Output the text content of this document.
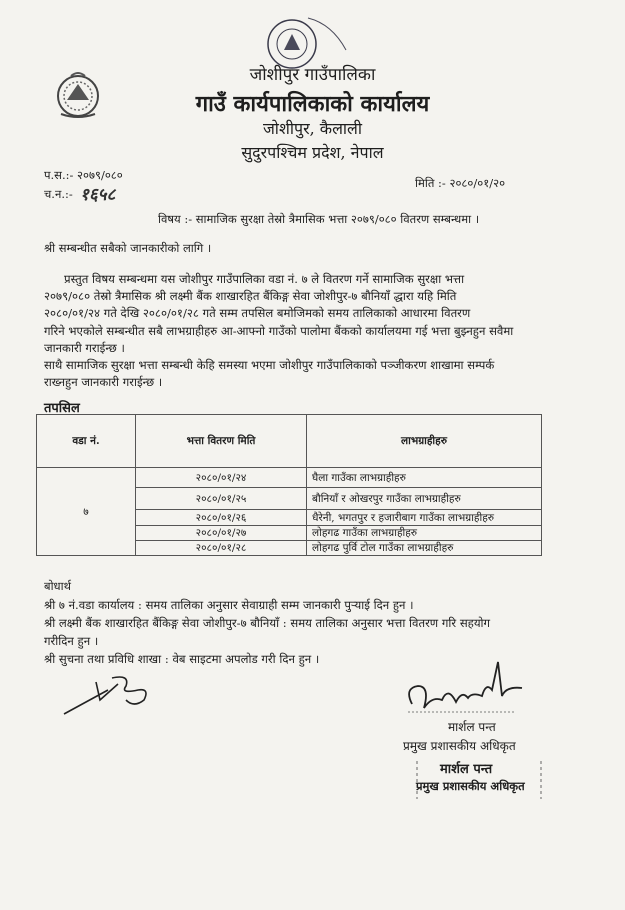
जोशीपुर गाउँपालिका
गाउँ कार्यपालिकाको कार्यालय
जोशीपुर, कैलाली
सुदुरपश्चिम प्रदेश, नेपाल
प.स.:- २०७९/०८०
च.न.:- १६५८
मिति :- २०८०/०१/२०
विषय :- सामाजिक सुरक्षा तेस्रो त्रैमासिक भत्ता २०७९/०८० वितरण सम्बन्धमा ।
श्री सम्बन्धीत सबैको जानकारीको लागि ।
प्रस्तुत विषय सम्बन्धमा यस जोशीपुर गाउँपालिका वडा नं. ७ ले वितरण गर्ने सामाजिक सुरक्षा भत्ता
२०७९/०८० तेस्रो त्रैमासिक श्री लक्ष्मी बैंक शाखारहित बैंकिङ्ग सेवा जोशीपुर-७ बौनियाँ द्धारा यहि मिति
२०८०/०१/२४ गते देखि २०८०/०१/२८ गते सम्म तपसिल बमोजिमको समय तालिकाको आधारमा वितरण
गरिने भएकोले सम्बन्धीत सबै लाभग्राहीहरु आ-आफ्नो गाउँको पालोमा बैंकको कार्यालयमा गई भत्ता बुझ्नहुन सवैमा
जानकारी गराईन्छ ।
साथै सामाजिक सुरक्षा भत्ता सम्बन्धी केहि समस्या भएमा जोशीपुर गाउँपालिकाको पञ्जीकरण शाखामा सम्पर्क
राख्नहुन जानकारी गराईन्छ ।
तपसिल
वडा नं.	भत्ता वितरण मिति	लाभग्राहीहरु
७	२०८०/०१/२४	घैला गाउँका लाभग्राहीहरु
	२०८०/०१/२५	बौनियाँ र ओखरपुर गाउँका लाभग्राहीहरु
	२०८०/०१/२६	धैरेनी, भगतपुर र हजारीबाग गाउँका लाभग्राहीहरु
	२०८०/०१/२७	लोहगढ गाउँका लाभग्राहीहरु
	२०८०/०१/२८	लोहगढ पुर्वि टोल गाउँका लाभग्राहीहरु
बोधार्थ
श्री ७ नं.वडा कार्यालय : समय तालिका अनुसार सेवाग्राही सम्म जानकारी पुर्‍याई दिन हुन ।
श्री लक्ष्मी बैंक शाखारहित बैंकिङ्ग सेवा जोशीपुर-७ बौनियाँ : समय तालिका अनुसार भत्ता वितरण गरि सहयोग
गरीदिन हुन ।
श्री सुचना तथा प्रविधि शाखा : वेब साइटमा अपलोड गरी दिन हुन ।
मार्शल पन्त
प्रमुख प्रशासकीय अधिकृत
मार्शल पन्त
प्रमुख प्रशासकीय अधिकृत
